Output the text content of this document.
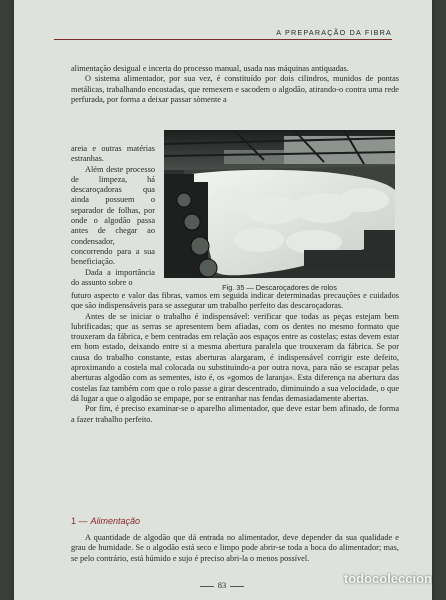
A PREPARAÇÃO DA FIBRA

alimentação desigual e incerta do processo manual, usada nas máquinas antiquadas.

O sistema alimentador, por sua vez, é constituído por dois cilindros, munidos de pontas metálicas, trabalhando encostadas, que remexem e sacodem o algodão, atirando-o contra uma rede perfurada, por forma a deixar passar sòmente a

areia e outras matérias estranhas.

Além deste processo de limpeza, há descaroçadoras qua ainda possuem o separador de folhas, por onde o algodão passa antes de chegar ao condensador, concorrendo para a sua beneficiação.

Dada a importância do assunto sobre o

Fig. 35 — Descaroçadores de rolos

futuro aspecto e valor das fibras, vamos em seguida indicar determinadas precauções e cuidados que são indispensáveis para se assegurar um trabalho perfeito das descaroçadoras.

Antes de se iniciar o trabalho é indispensável: verificar que todas as peças estejam bem lubrificadas; que as serras se apresentem bem afiadas, com os dentes no mesmo formato que trouxeram da fábrica, e bem centradas em relação aos espaços entre as costelas; estas devem estar em bom estado, deixando entre si a mesma abertura paralela que trouxeram da fábrica. Se por causa do trabalho constante, estas aberturas alargaram, é indispensável corrigir este defeito, aproximando a costela mal colocada ou substituindo-a por outra nova, para não se escapar pelas aberturas algodão com as sementes, isto é, os «gomos de laranja». Esta diferença na abertura das costelas faz também com que o rolo passe a girar descentrado, diminuindo a sua velocidade, o que dá lugar a que o algodão se empape, por se entranhar nas fendas demasiadamente abertas.

Por fim, é preciso examinar-se o aparelho alimentador, que deve estar bem afinado, de forma a fazer trabalho perfeito.

1 — Alimentação

A quantidade de algodão que dá entrada no alimentador, deve depender da sua qualidade e grau de humidade. Se o algodão está seco e limpo pode abrir-se toda a boca do alimentador; mas, se pelo contrário, está húmido e sujo é preciso abri-la o menos possível.

83	todocoleccion
